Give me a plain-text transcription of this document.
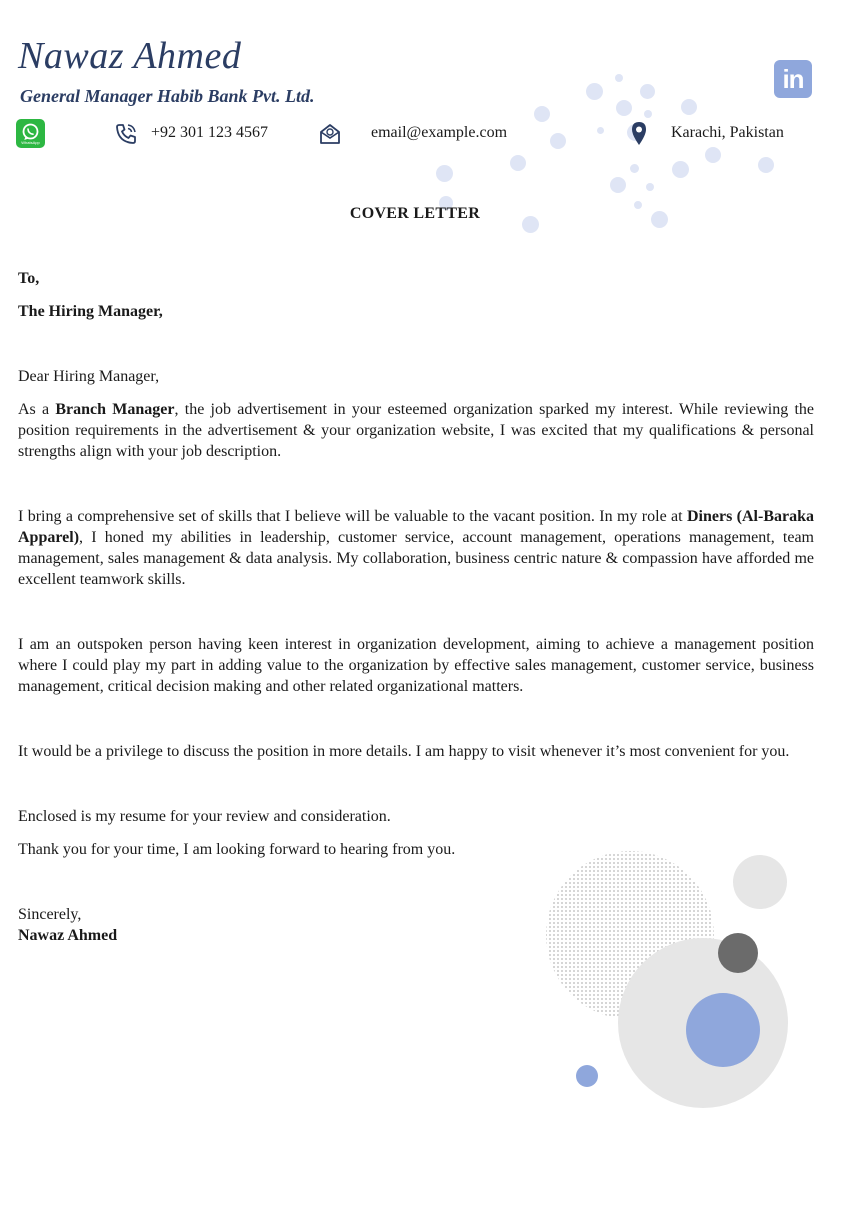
Nawaz Ahmed
General Manager Habib Bank Pvt. Ltd.
in
WhatsApp
+92 301 123 4567	email@example.com	Karachi, Pakistan
COVER LETTER

To,

The Hiring Manager,

Dear Hiring Manager,

As a Branch Manager, the job advertisement in your esteemed organization sparked my interest. While reviewing the position requirements in the advertisement & your organization website, I was excited that my qualifications & personal strengths align with your job description.

I bring a comprehensive set of skills that I believe will be valuable to the vacant position. In my role at Diners (Al-Baraka Apparel), I honed my abilities in leadership, customer service, account management, operations management, team management, sales management & data analysis. My collaboration, business centric nature & compassion have afforded me excellent teamwork skills.

I am an outspoken person having keen interest in organization development, aiming to achieve a management position where I could play my part in adding value to the organization by effective sales management, customer service, business management, critical decision making and other related organizational matters.

It would be a privilege to discuss the position in more details. I am happy to visit whenever it’s most convenient for you.

Enclosed is my resume for your review and consideration.

Thank you for your time, I am looking forward to hearing from you.

Sincerely,

Nawaz Ahmed
